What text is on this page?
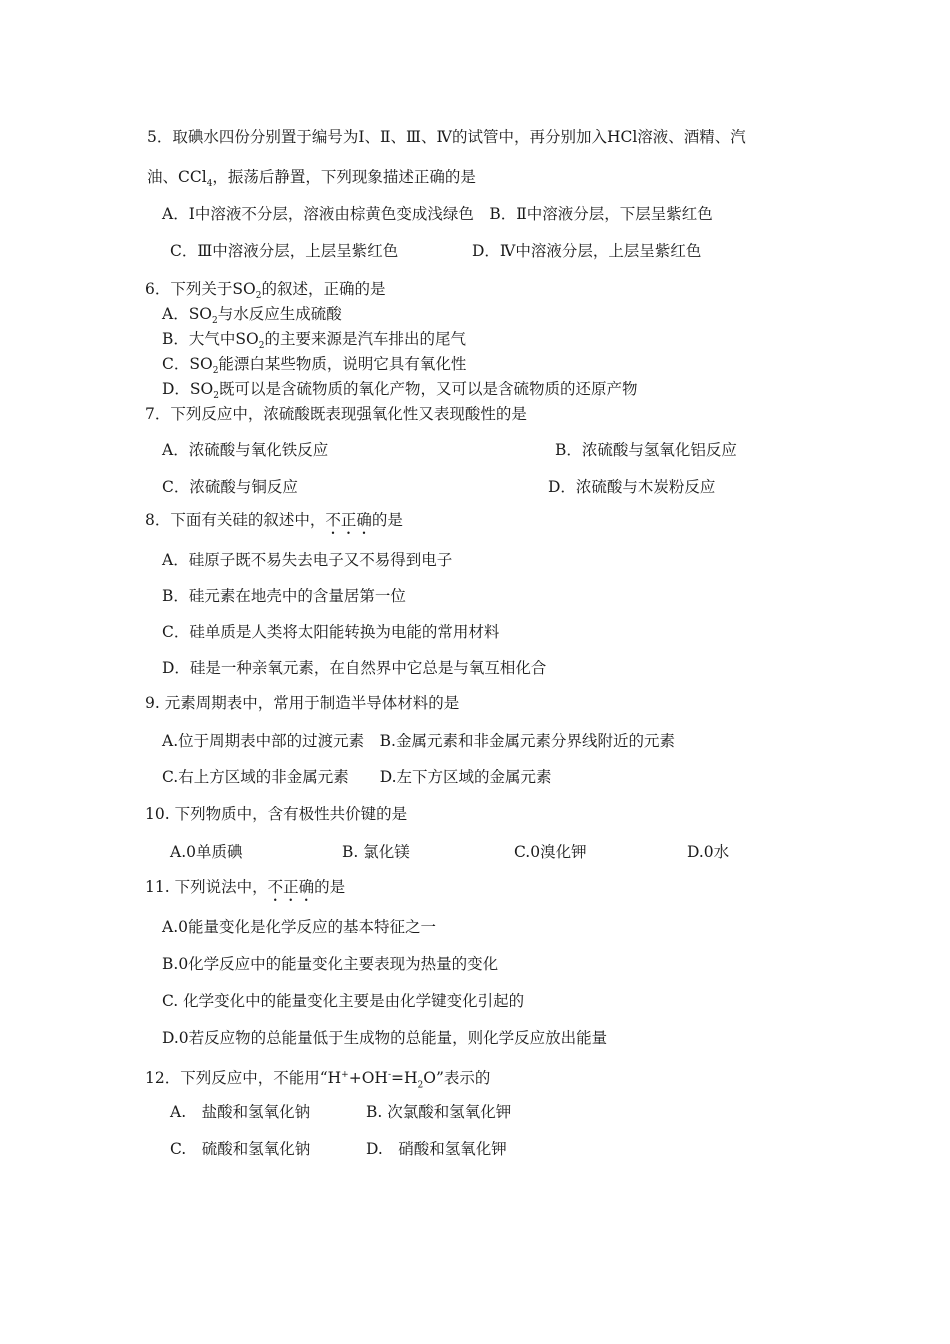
5．取碘水四份分别置于编号为Ⅰ、Ⅱ、Ⅲ、Ⅳ的试管中，再分别加入HCl溶液、酒精、汽
油、CCl$_4$，振荡后静置，下列现象描述正确的是
A．Ⅰ中溶液不分层，溶液由棕黄色变成浅绿色　B．Ⅱ中溶液分层，下层呈紫红色
C．Ⅲ中溶液分层，上层呈紫红色	D．Ⅳ中溶液分层，上层呈紫红色
6．下列关于$SO_2$的叙述，正确的是
A．$SO_2$与水反应生成硫酸
B．大气中$SO_2$的主要来源是汽车排出的尾气
C．$SO_2$能漂白某些物质，说明它具有氧化性
D．$SO_2$既可以是含硫物质的氧化产物，又可以是含硫物质的还原产物
7．下列反应中，浓硫酸既表现强氧化性又表现酸性的是
A．浓硫酸与氧化铁反应	B．浓硫酸与氢氧化铝反应
C．浓硫酸与铜反应	D．浓硫酸与木炭粉反应
8．下面有关硅的叙述中，不正确的是
A．硅原子既不易失去电子又不易得到电子
B．硅元素在地壳中的含量居第一位
C．硅单质是人类将太阳能转换为电能的常用材料
D．硅是一种亲氧元素，在自然界中它总是与氧互相化合
9. 元素周期表中，常用于制造半导体材料的是
A.位于周期表中部的过渡元素　B.金属元素和非金属元素分界线附近的元素
C.右上方区域的非金属元素　　D.左下方区域的金属元素
10. 下列物质中，含有极性共价键的是
A.0单质碘	B. 氯化镁	C.0溴化钾	D.0水
11. 下列说法中，不正确的是
A.0能量变化是化学反应的基本特征之一
B.0化学反应中的能量变化主要表现为热量的变化
C. 化学变化中的能量变化主要是由化学键变化引起的
D.0若反应物的总能量低于生成物的总能量，则化学反应放出能量
12．下列反应中，不能用“$H^++OH^-=H_2O$”表示的
A.　盐酸和氢氧化钠	B. 次氯酸和氢氧化钾
C.　硫酸和氢氧化钠	D.　硝酸和氢氧化钾
